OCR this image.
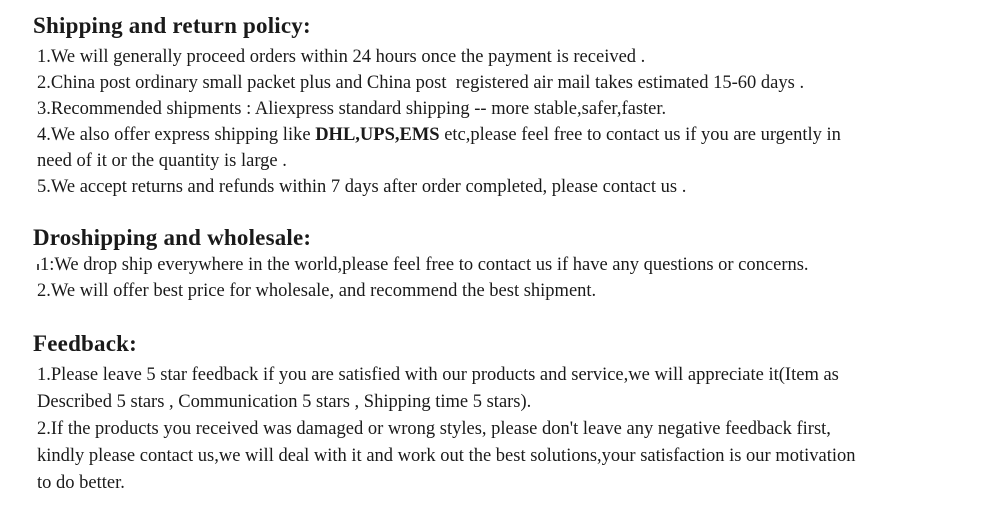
Shipping and return policy:
1.We will generally proceed orders within 24 hours once the payment is received .
2.China post ordinary small packet plus and China post  registered air mail takes estimated 15-60 days .
3.Recommended shipments : Aliexpress standard shipping -- more stable,safer,faster.
4.We also offer express shipping like DHL,UPS,EMS etc,please feel free to contact us if you are urgently in
need of it or the quantity is large .
5.We accept returns and refunds within 7 days after order completed, please contact us .
Droshipping and wholesale:
1:We drop ship everywhere in the world,please feel free to contact us if have any questions or concerns.
2.We will offer best price for wholesale, and recommend the best shipment.
Feedback:
1.Please leave 5 star feedback if you are satisfied with our products and service,we will appreciate it(Item as
Described 5 stars , Communication 5 stars , Shipping time 5 stars).
2.If the products you received was damaged or wrong styles, please don't leave any negative feedback first,
kindly please contact us,we will deal with it and work out the best solutions,your satisfaction is our motivation
to do better.
